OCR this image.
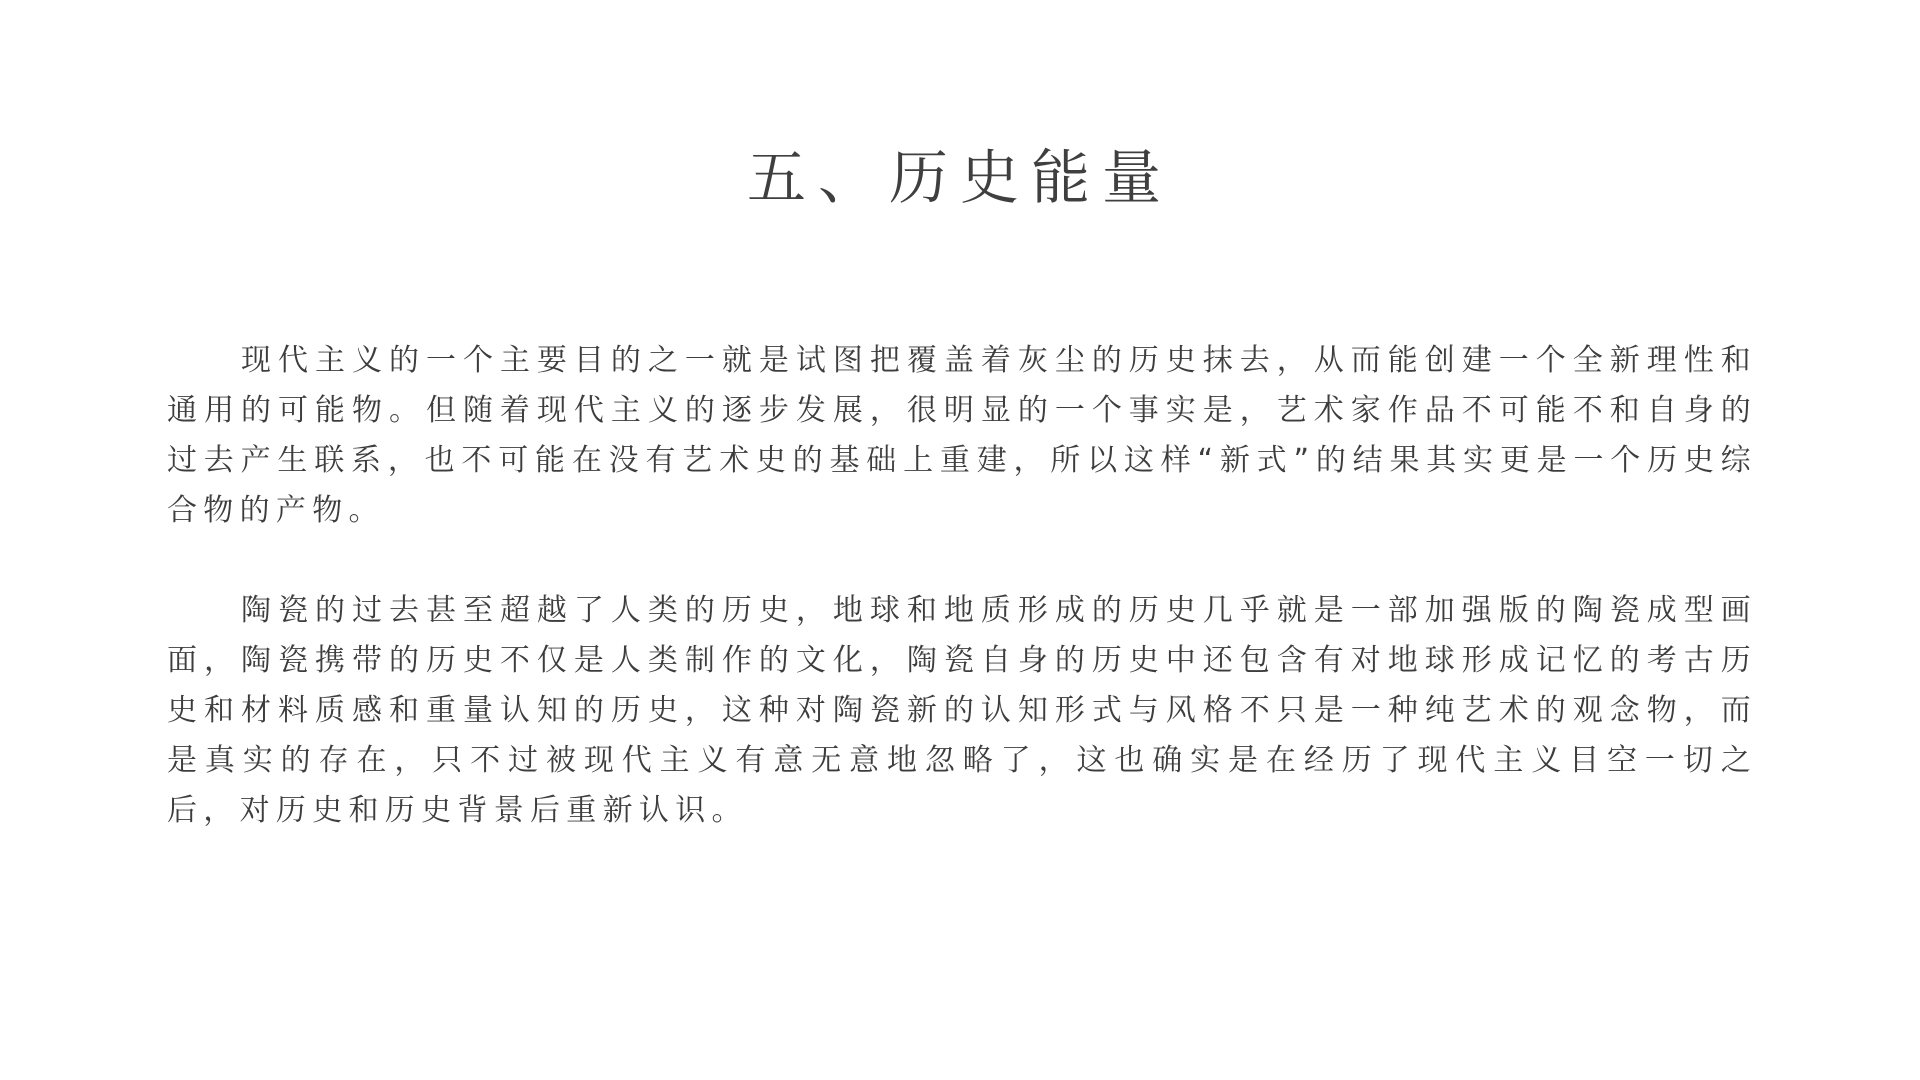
五、历史能量

现代主义的一个主要目的之一就是试图把覆盖着灰尘的历史抹去，从而能创建一个全新理性和通用的可能物。但随着现代主义的逐步发展，很明显的一个事实是，艺术家作品不可能不和自身的过去产生联系，也不可能在没有艺术史的基础上重建，所以这样“新式”的结果其实更是一个历史综合物的产物。

陶瓷的过去甚至超越了人类的历史，地球和地质形成的历史几乎就是一部加强版的陶瓷成型画面，陶瓷携带的历史不仅是人类制作的文化，陶瓷自身的历史中还包含有对地球形成记忆的考古历史和材料质感和重量认知的历史，这种对陶瓷新的认知形式与风格不只是一种纯艺术的观念物，而是真实的存在，只不过被现代主义有意无意地忽略了，这也确实是在经历了现代主义目空一切之后，对历史和历史背景后重新认识。
